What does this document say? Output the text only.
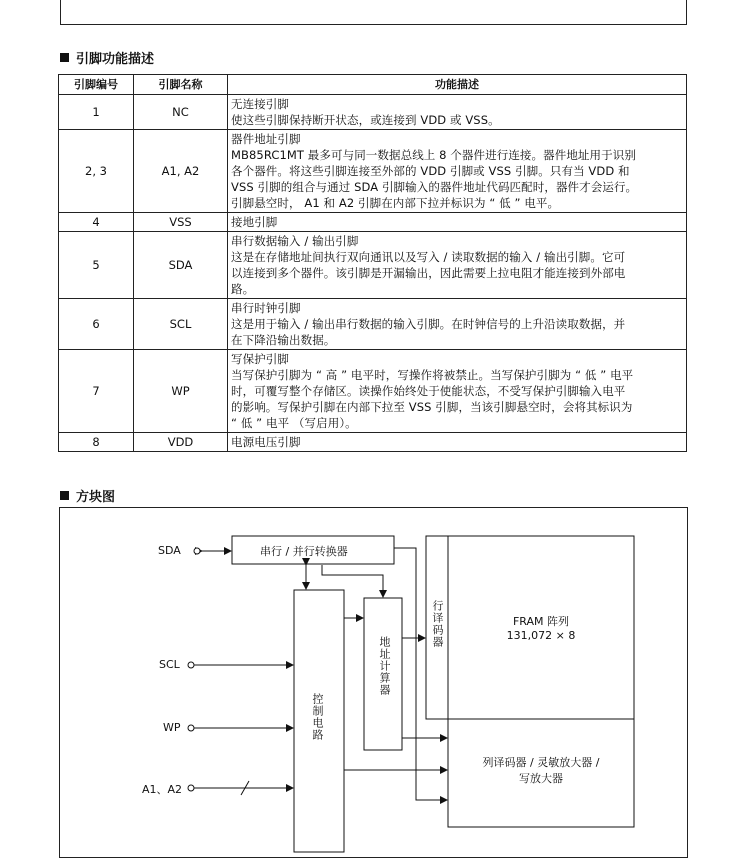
引脚功能描述
引脚编号	引脚名称	功能描述
1	NC	无连接引脚
使这些引脚保持断开状态，或连接到 VDD 或 VSS。

2, 3	A1, A2	器件地址引脚
MB85RC1MT 最多可与同一数据总线上 8 个器件进行连接。器件地址用于识别
各个器件。将这些引脚连接至外部的 VDD 引脚或 VSS 引脚。只有当 VDD 和
VSS 引脚的组合与通过 SDA 引脚输入的器件地址代码匹配时，器件才会运行。
引脚悬空时， A1 和 A2 引脚在内部下拉并标识为 “ 低 ” 电平。

4	VSS	接地引脚

5	SDA	串行数据输入 / 输出引脚
这是在存储地址间执行双向通讯以及写入 / 读取数据的输入 / 输出引脚。它可
以连接到多个器件。该引脚是开漏输出，因此需要上拉电阻才能连接到外部电
路。

6	SCL	串行时钟引脚
这是用于输入 / 输出串行数据的输入引脚。在时钟信号的上升沿读取数据，并
在下降沿输出数据。

7	WP	写保护引脚
当写保护引脚为 “ 高 ” 电平时，写操作将被禁止。当写保护引脚为 “ 低 ” 电平
时，可覆写整个存储区。读操作始终处于使能状态，不受写保护引脚输入电平
的影响。写保护引脚在内部下拉至 VSS 引脚，当该引脚悬空时，会将其标识为
“ 低 ” 电平 （写启用）。

8	VDD	电源电压引脚
方块图
SDA
SCL
WP
A1、A2
串行 / 并行转换器
控制电路
地址计算器
行译码器	FRAM 阵列
131,072 × 8
列译码器 / 灵敏放大器 /
写放大器
